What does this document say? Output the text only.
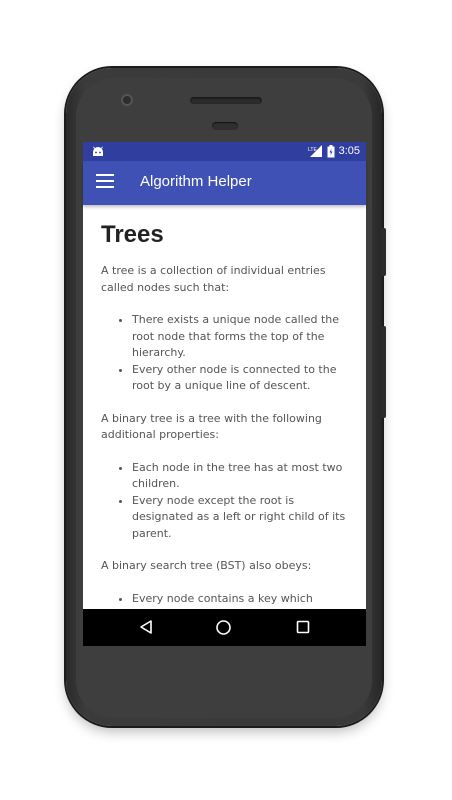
LTE 3:05
Algorithm Helper
Trees

A tree is a collection of individual entries called nodes such that:

• There exists a unique node called the root node that forms the top of the hierarchy.
• Every other node is connected to the root by a unique line of descent.

A binary tree is a tree with the following additional properties:

• Each node in the tree has at most two children.
• Every node except the root is designated as a left or right child of its parent.

A binary search tree (BST) also obeys:

• Every node contains a key which
